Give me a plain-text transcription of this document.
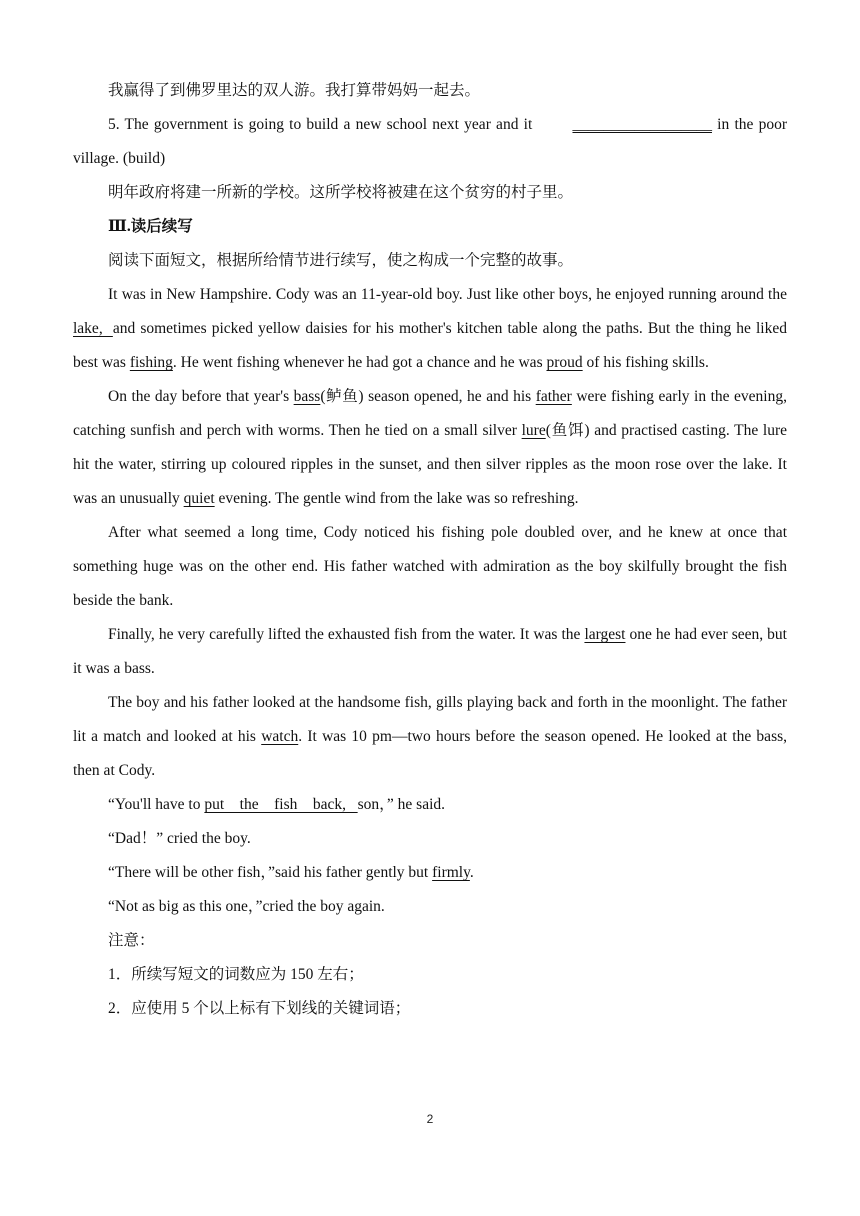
我赢得了到佛罗里达的双人游。我打算带妈妈一起去。

5. The government is going to build a new school next year and it __________________ in the poor village. (build)

明年政府将建一所新的学校。这所学校将被建在这个贫穷的村子里。

Ⅲ.读后续写

阅读下面短文，根据所给情节进行续写，使之构成一个完整的故事。

It was in New Hampshire. Cody was an 11-year-old boy. Just like other boys, he enjoyed running around the lake,  and sometimes picked yellow daisies for his mother's kitchen table along the paths. But the thing he liked best was fishing. He went fishing whenever he had got a chance and he was proud of his fishing skills.

On the day before that year's bass(鲈鱼) season opened, he and his father were fishing early in the evening, catching sunfish and perch with worms. Then he tied on a small silver lure(鱼饵) and practised casting. The lure hit the water, stirring up coloured ripples in the sunset, and then silver ripples as the moon rose over the lake. It was an unusually quiet evening. The gentle wind from the lake was so refreshing.

After what seemed a long time, Cody noticed his fishing pole doubled over, and he knew at once that something huge was on the other end. His father watched with admiration as the boy skilfully brought the fish beside the bank.

Finally, he very carefully lifted the exhausted fish from the water. It was the largest one he had ever seen, but it was a bass.

The boy and his father looked at the handsome fish, gills playing back and forth in the moonlight. The father lit a match and looked at his watch. It was 10 pm—two hours before the season opened. He looked at the bass, then at Cody.

“You'll have to put    the    fish    back,   son，” he said.

“Dad！” cried the boy.

“There will be other fish，”said his father gently but firmly.

“Not as big as this one，”cried the boy again.

注意：

1．所续写短文的词数应为 150 左右；

2．应使用 5 个以上标有下划线的关键词语；

2
